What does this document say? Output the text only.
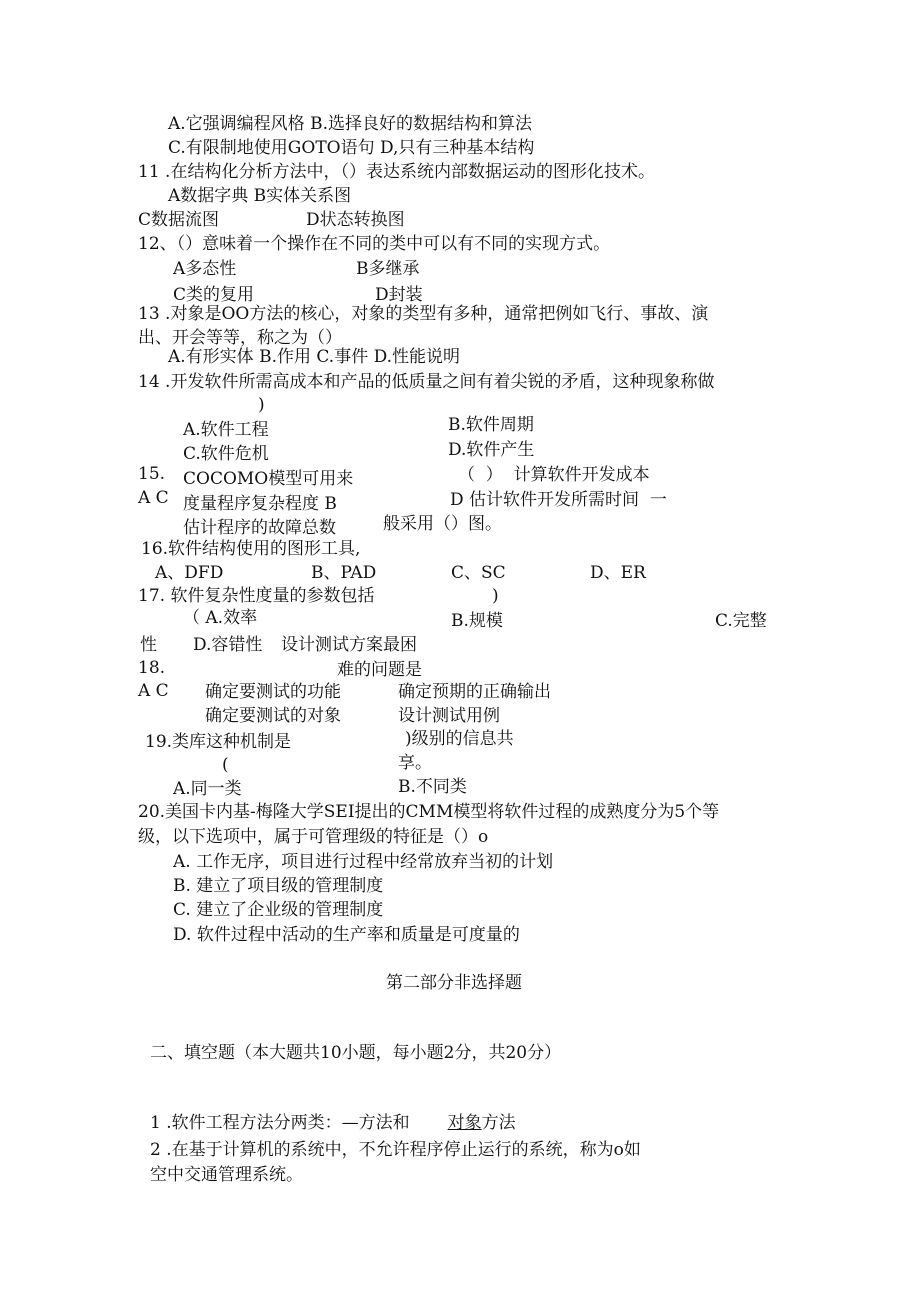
A.它强调编程风格 B.选择良好的数据结构和算法
C.有限制地使用GOTO语句 D,只有三种基本结构
11 .在结构化分析方法中，（）表达系统内部数据运动的图形化技术。
A数据字典 B实体关系图
C数据流图	D状态转换图
12、（）意味着一个操作在不同的类中可以有不同的实现方式。
A多态性	B多继承
C类的复用	D封装
13 .对象是OO方法的核心，对象的类型有多种，通常把例如飞行、事故、演
出、开会等等，称之为（）
A.有形实体 B.作用 C.事件 D.性能说明
14 .开发软件所需高成本和产品的低质量之间有着尖锐的矛盾，这种现象称做
)
A.软件工程	B.软件周期
C.软件危机	D.软件产生
15. COCOMO模型可用来	（  ）  计算软件开发成本
A C 度量程序复杂程度 B	D 估计软件开发所需时间  一
估计程序的故障总数	般采用（）图。
16.软件结构使用的图形工具,
A、DFD	B、PAD	C、SC	D、ER
17. 软件复杂性度量的参数包括	)
（ A.效率	B.规模	C.完整
性 D.容错性 设计测试方案最困
18.	难的问题是
A C 确定要测试的功能	确定预期的正确输出
确定要测试的对象	设计测试用例
19.类库这种机制是	)级别的信息共
(	享。
A.同一类	B.不同类
20.美国卡内基-梅隆大学SEI提出的CMM模型将软件过程的成熟度分为5个等
级，以下选项中，属于可管理级的特征是（）o
A. 工作无序，项目进行过程中经常放弃当初的计划
B. 建立了项目级的管理制度
C. 建立了企业级的管理制度
D. 软件过程中活动的生产率和质量是可度量的
第二部分非选择题
二、填空题（本大题共10小题，每小题2分，共20分）
1 .软件工程方法分两类：—方法和 对象方法
2 .在基于计算机的系统中，不允许程序停止运行的系统，称为o如
空中交通管理系统。
